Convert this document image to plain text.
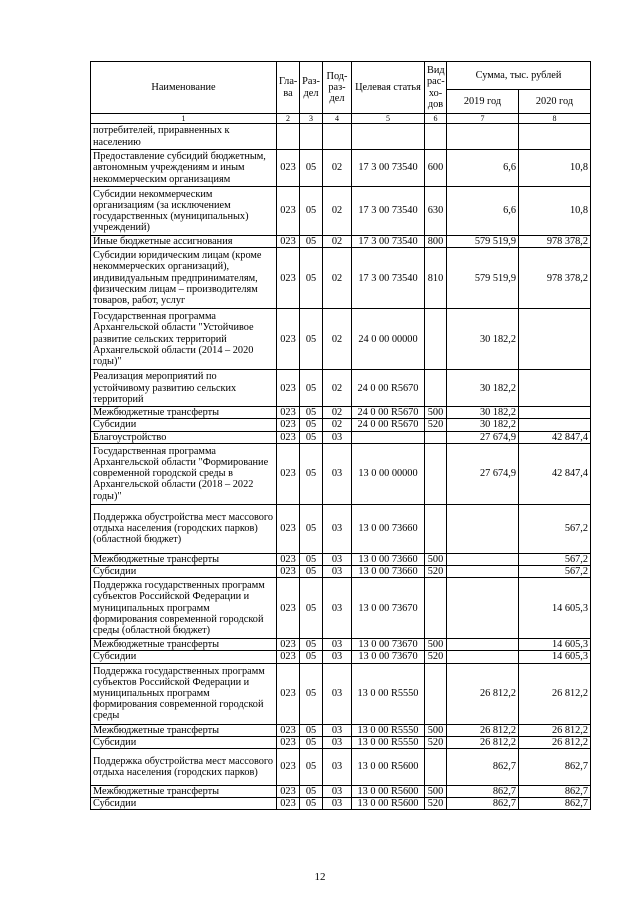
Наименование	Гла-ва	Раз-дел	Под-раз-дел	Целевая статья	Вид рас-хо-дов	Сумма, тыс. рублей	
						2019 год	2020 год
1	2	3	4	5	6	7	8
потребителей, приравненных к населению							
Предоставление субсидий бюджетным, автономным учреждениям и иным некоммерческим организациям	023	05	02	17 3 00 73540	600	6,6	10,8
Субсидии некоммерческим организациям (за исключением государственных (муниципальных) учреждений)	023	05	02	17 3 00 73540	630	6,6	10,8
Иные бюджетные ассигнования	023	05	02	17 3 00 73540	800	579 519,9	978 378,2
Субсидии юридическим лицам (кроме некоммерческих организаций), индивидуальным предпринимателям, физическим лицам – производителям товаров, работ, услуг	023	05	02	17 3 00 73540	810	579 519,9	978 378,2
Государственная программа Архангельской области "Устойчивое развитие сельских территорий Архангельской области (2014 – 2020 годы)"	023	05	02	24 0 00 00000		30 182,2	
Реализация мероприятий по устойчивому развитию сельских территорий	023	05	02	24 0 00 R5670		30 182,2	
Межбюджетные трансферты	023	05	02	24 0 00 R5670	500	30 182,2	
Субсидии	023	05	02	24 0 00 R5670	520	30 182,2	
Благоустройство	023	05	03			27 674,9	42 847,4
Государственная программа Архангельской области "Формирование современной городской среды в Архангельской области (2018 – 2022 годы)"	023	05	03	13 0 00 00000		27 674,9	42 847,4
Поддержка обустройства мест массового отдыха населения (городских парков) (областной бюджет)	023	05	03	13 0 00 73660			567,2
Межбюджетные трансферты	023	05	03	13 0 00 73660	500		567,2
Субсидии	023	05	03	13 0 00 73660	520		567,2
Поддержка государственных программ субъектов Российской Федерации и муниципальных программ формирования современной городской среды (областной бюджет)	023	05	03	13 0 00 73670			14 605,3
Межбюджетные трансферты	023	05	03	13 0 00 73670	500		14 605,3
Субсидии	023	05	03	13 0 00 73670	520		14 605,3
Поддержка государственных программ субъектов Российской Федерации и муниципальных программ формирования современной городской среды	023	05	03	13 0 00 R5550		26 812,2	26 812,2
Межбюджетные трансферты	023	05	03	13 0 00 R5550	500	26 812,2	26 812,2
Субсидии	023	05	03	13 0 00 R5550	520	26 812,2	26 812,2
Поддержка обустройства мест массового отдыха населения (городских парков)	023	05	03	13 0 00 R5600		862,7	862,7
Межбюджетные трансферты	023	05	03	13 0 00 R5600	500	862,7	862,7
Субсидии	023	05	03	13 0 00 R5600	520	862,7	862,7
12
